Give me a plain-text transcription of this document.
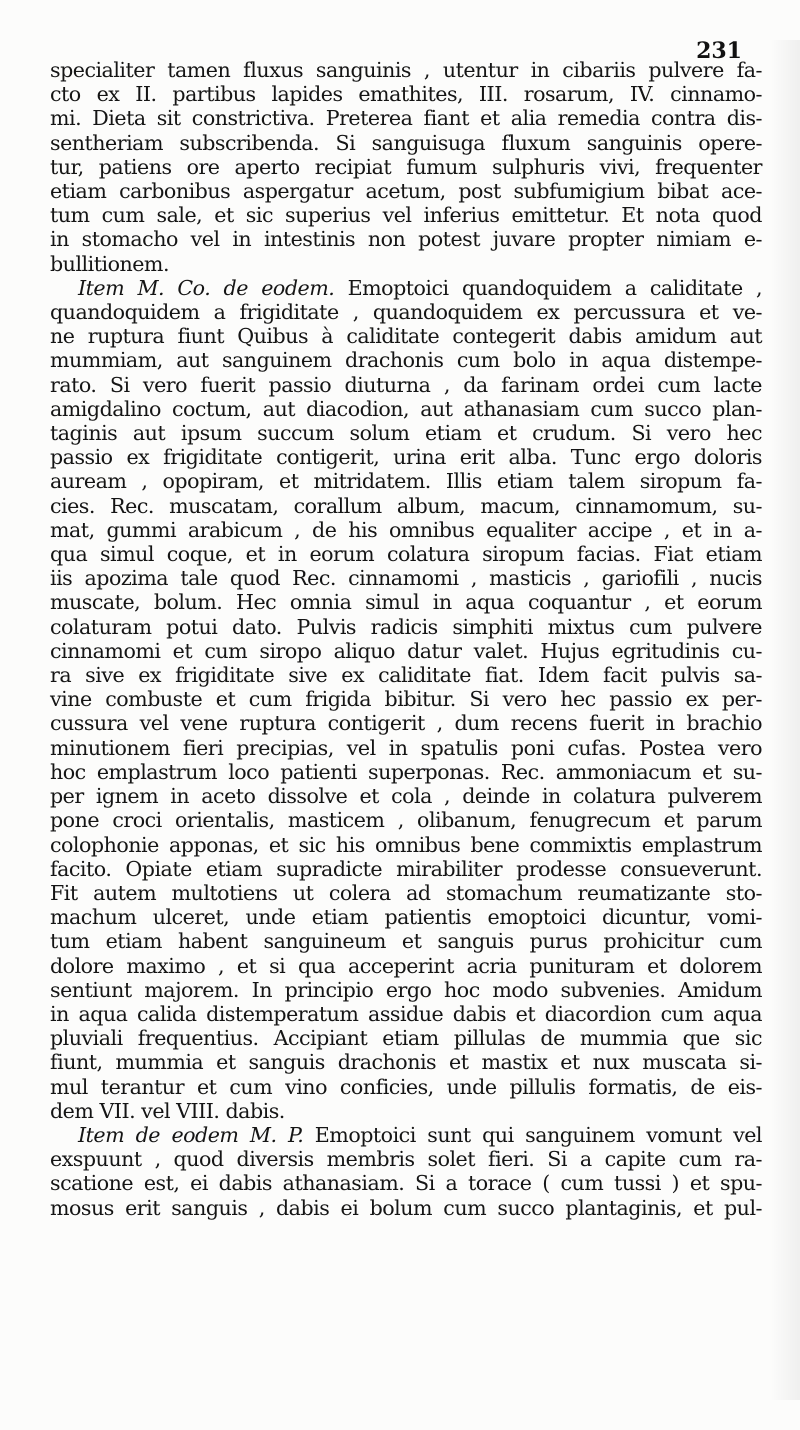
231
specialiter tamen fluxus sanguinis , utentur in cibariis pulvere fa-
cto ex II. partibus lapides emathites, III. rosarum, IV. cinnamo-
mi. Dieta sit constrictiva. Preterea fiant et alia remedia contra dis-
sentheriam subscribenda. Si sanguisuga fluxum sanguinis opere-
tur, patiens ore aperto recipiat fumum sulphuris vivi, frequenter
etiam carbonibus aspergatur acetum, post subfumigium bibat ace-
tum cum sale, et sic superius vel inferius emittetur. Et nota quod
in stomacho vel in intestinis non potest juvare propter nimiam e-
bullitionem.
Item M. Co. de eodem. Emoptoici quandoquidem a caliditate ,
quandoquidem a frigiditate , quandoquidem ex percussura et ve-
ne ruptura fiunt Quibus à caliditate contegerit dabis amidum aut
mummiam, aut sanguinem drachonis cum bolo in aqua distempe-
rato. Si vero fuerit passio diuturna , da farinam ordei cum lacte
amigdalino coctum, aut diacodion, aut athanasiam cum succo plan-
taginis aut ipsum succum solum etiam et crudum. Si vero hec
passio ex frigiditate contigerit, urina erit alba. Tunc ergo doloris
auream , opopiram, et mitridatem. Illis etiam talem siropum fa-
cies. Rec. muscatam, corallum album, macum, cinnamomum, su-
mat, gummi arabicum , de his omnibus equaliter accipe , et in a-
qua simul coque, et in eorum colatura siropum facias. Fiat etiam
iis apozima tale quod Rec. cinnamomi , masticis , gariofili , nucis
muscate, bolum. Hec omnia simul in aqua coquantur , et eorum
colaturam potui dato. Pulvis radicis simphiti mixtus cum pulvere
cinnamomi et cum siropo aliquo datur valet. Hujus egritudinis cu-
ra sive ex frigiditate sive ex caliditate fiat. Idem facit pulvis sa-
vine combuste et cum frigida bibitur. Si vero hec passio ex per-
cussura vel vene ruptura contigerit , dum recens fuerit in brachio
minutionem fieri precipias, vel in spatulis poni cufas. Postea vero
hoc emplastrum loco patienti superponas. Rec. ammoniacum et su-
per ignem in aceto dissolve et cola , deinde in colatura pulverem
pone croci orientalis, masticem , olibanum, fenugrecum et parum
colophonie apponas, et sic his omnibus bene commixtis emplastrum
facito. Opiate etiam supradicte mirabiliter prodesse consueverunt.
Fit autem multotiens ut colera ad stomachum reumatizante sto-
machum ulceret, unde etiam patientis emoptoici dicuntur, vomi-
tum etiam habent sanguineum et sanguis purus prohicitur cum
dolore maximo , et si qua acceperint acria punituram et dolorem
sentiunt majorem. In principio ergo hoc modo subvenies. Amidum
in aqua calida distemperatum assidue dabis et diacordion cum aqua
pluviali frequentius. Accipiant etiam pillulas de mummia que sic
fiunt, mummia et sanguis drachonis et mastix et nux muscata si-
mul terantur et cum vino conficies, unde pillulis formatis, de eis-
dem VII. vel VIII. dabis.
Item de eodem M. P. Emoptoici sunt qui sanguinem vomunt vel
exspuunt , quod diversis membris solet fieri. Si a capite cum ra-
scatione est, ei dabis athanasiam. Si a torace ( cum tussi ) et spu-
mosus erit sanguis , dabis ei bolum cum succo plantaginis, et pul-
